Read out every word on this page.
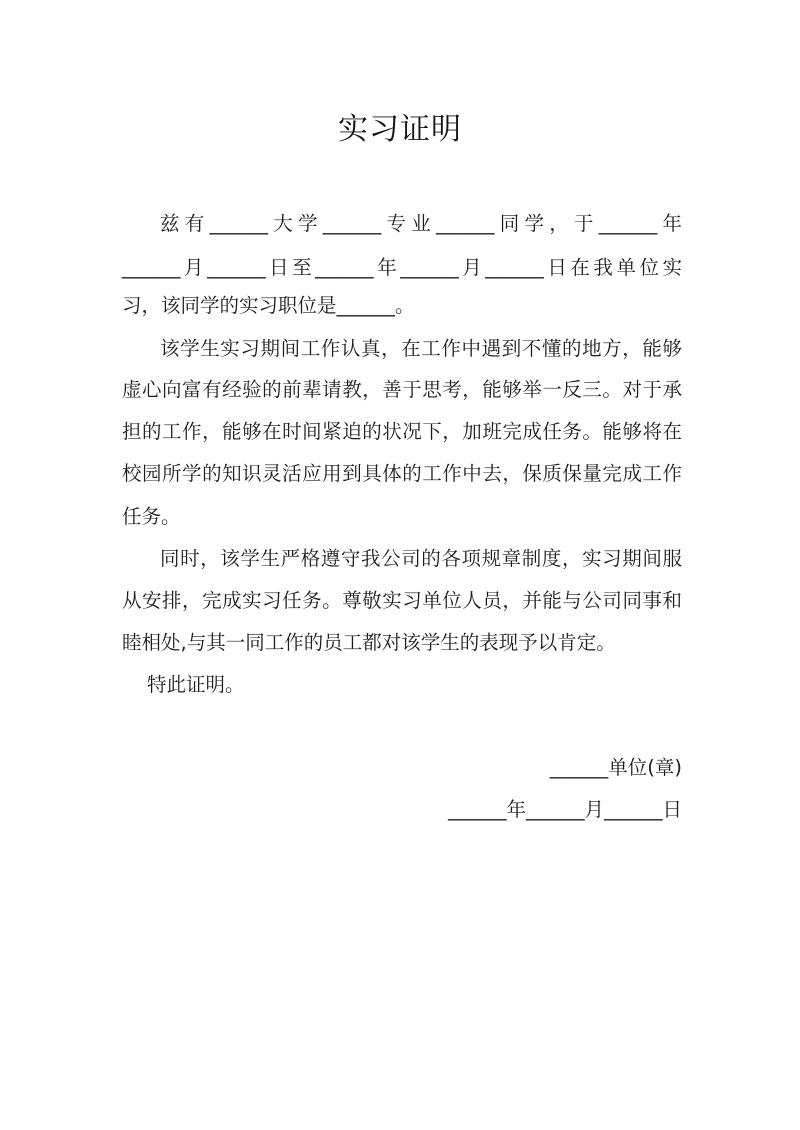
实习证明
兹有______大学______专业______同学，于______年
______月______日至______年______月______日在我单位实
习，该同学的实习职位是______。
该学生实习期间工作认真，在工作中遇到不懂的地方，能够
虚心向富有经验的前辈请教，善于思考，能够举一反三。对于承
担的工作，能够在时间紧迫的状况下，加班完成任务。能够将在
校园所学的知识灵活应用到具体的工作中去，保质保量完成工作
任务。
同时，该学生严格遵守我公司的各项规章制度，实习期间服
从安排，完成实习任务。尊敬实习单位人员，并能与公司同事和
睦相处,与其一同工作的员工都对该学生的表现予以肯定。
特此证明。
______单位(章)
______年______月______日
